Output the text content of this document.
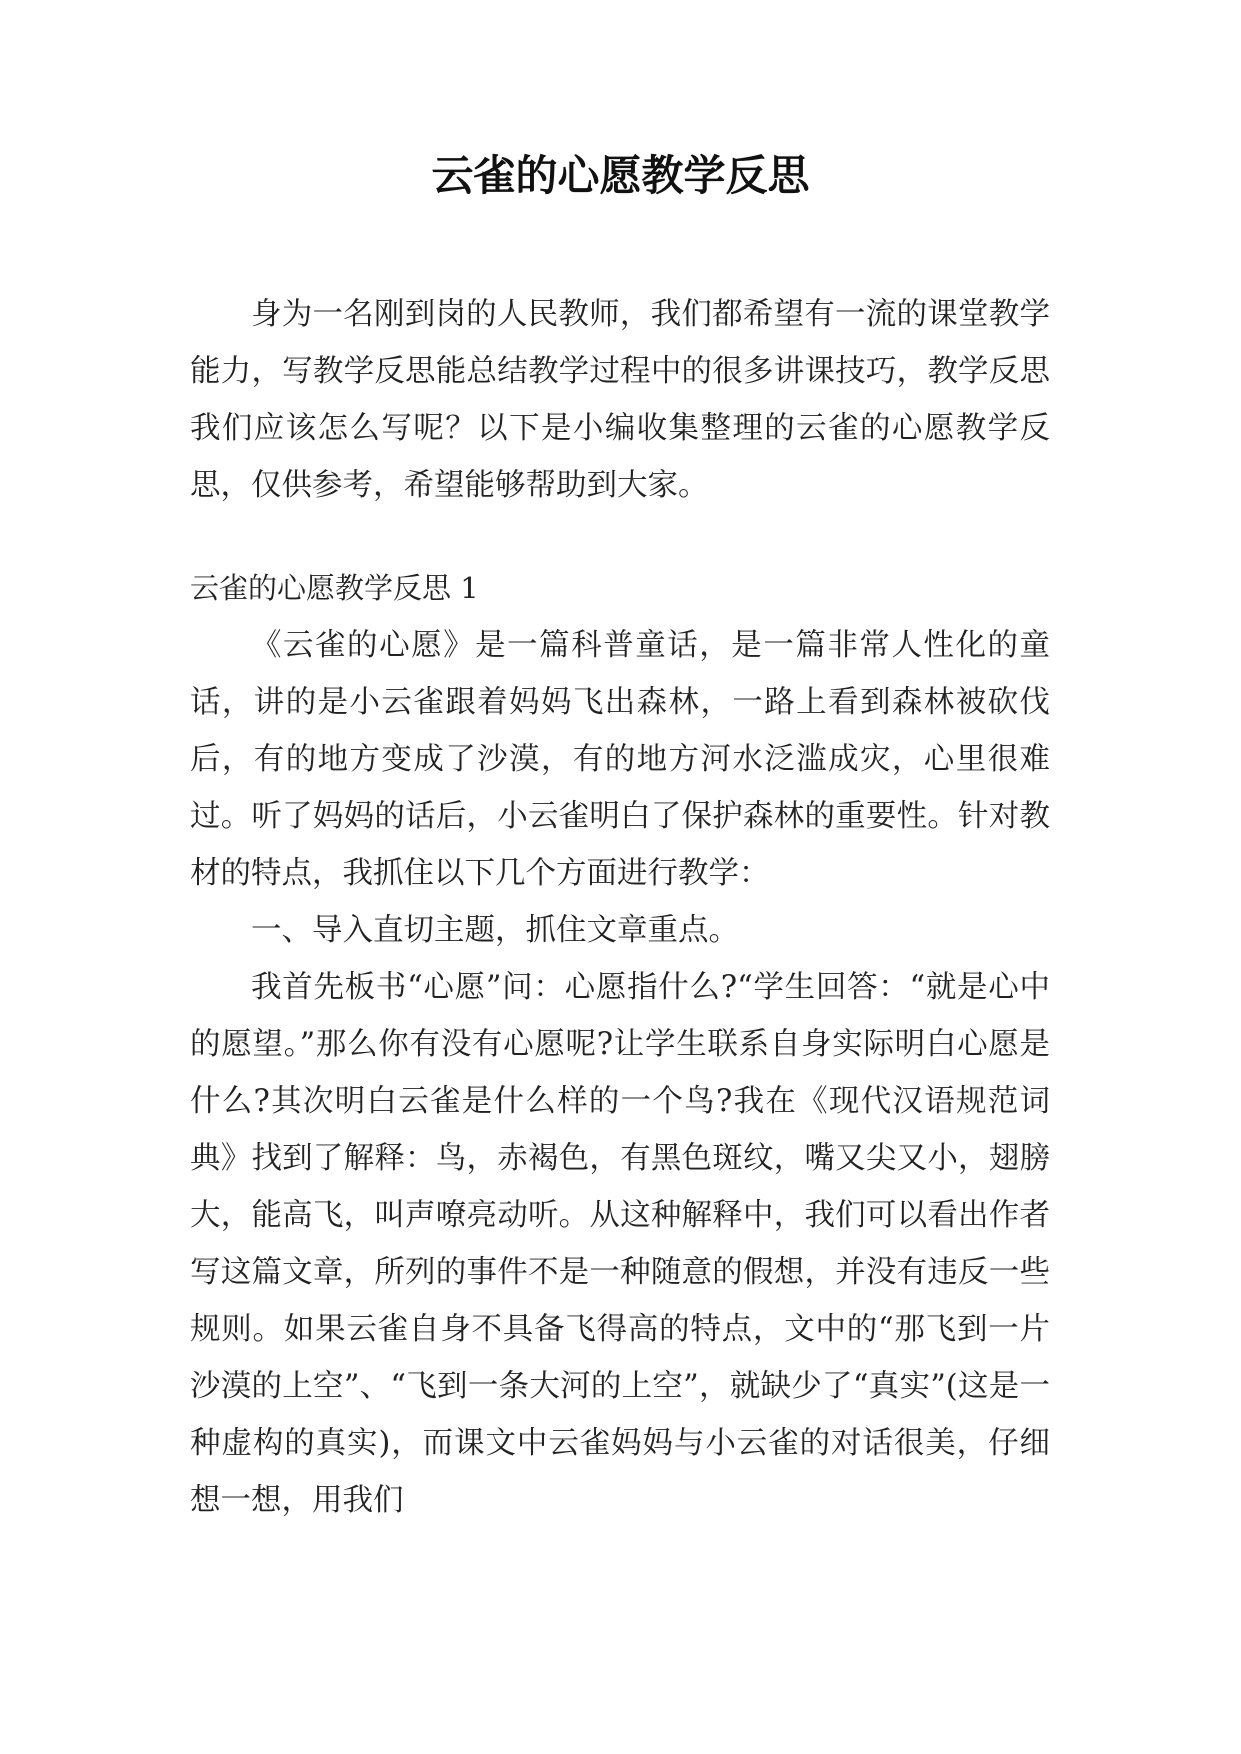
云雀的心愿教学反思

身为一名刚到岗的人民教师，我们都希望有一流的课堂教学能力，写教学反思能总结教学过程中的很多讲课技巧，教学反思我们应该怎么写呢？以下是小编收集整理的云雀的心愿教学反思，仅供参考，希望能够帮助到大家。

云雀的心愿教学反思 1

《云雀的心愿》是一篇科普童话，是一篇非常人性化的童话，讲的是小云雀跟着妈妈飞出森林，一路上看到森林被砍伐后，有的地方变成了沙漠，有的地方河水泛滥成灾，心里很难过。听了妈妈的话后，小云雀明白了保护森林的重要性。针对教材的特点，我抓住以下几个方面进行教学：

一、导入直切主题，抓住文章重点。

我首先板书“心愿”问：心愿指什么?“学生回答：“就是心中的愿望。”那么你有没有心愿呢?让学生联系自身实际明白心愿是什么?其次明白云雀是什么样的一个鸟?我在《现代汉语规范词典》找到了解释：鸟，赤褐色，有黑色斑纹，嘴又尖又小，翅膀大，能高飞，叫声嘹亮动听。从这种解释中，我们可以看出作者写这篇文章，所列的事件不是一种随意的假想，并没有违反一些规则。如果云雀自身不具备飞得高的特点，文中的“那飞到一片沙漠的上空”、“飞到一条大河的上空”，就缺少了“真实”(这是一种虚构的真实)，而课文中云雀妈妈与小云雀的对话很美，仔细想一想，用我们
